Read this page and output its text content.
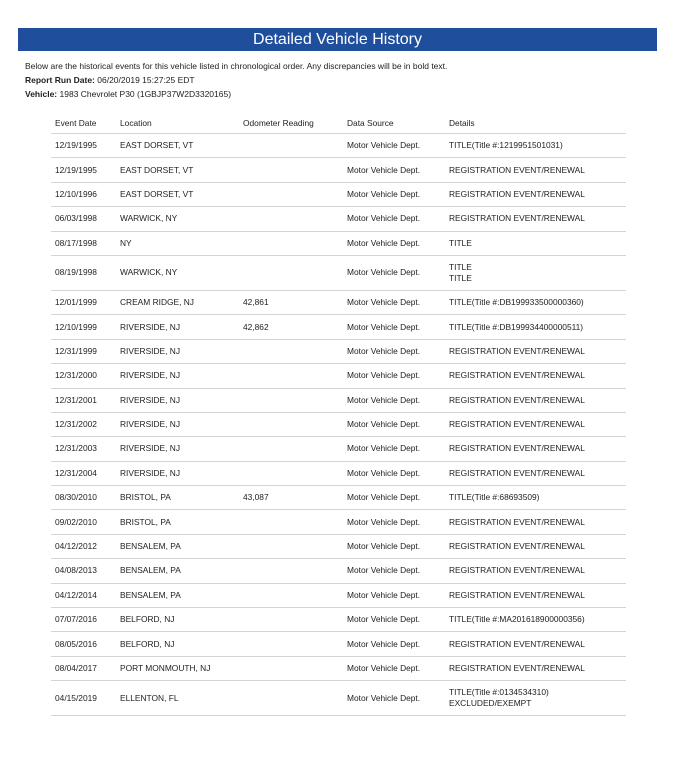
Detailed Vehicle History
Below are the historical events for this vehicle listed in chronological order. Any discrepancies will be in bold text.
Report Run Date: 06/20/2019 15:27:25 EDT
Vehicle: 1983 Chevrolet P30 (1GBJP37W2D3320165)
Event Date	Location	Odometer Reading	Data Source	Details
12/19/1995	EAST DORSET, VT		Motor Vehicle Dept.	TITLE(Title #:1219951501031)

12/19/1995	EAST DORSET, VT		Motor Vehicle Dept.	REGISTRATION EVENT/RENEWAL

12/10/1996	EAST DORSET, VT		Motor Vehicle Dept.	REGISTRATION EVENT/RENEWAL

06/03/1998	WARWICK, NY		Motor Vehicle Dept.	REGISTRATION EVENT/RENEWAL

08/17/1998	NY		Motor Vehicle Dept.	TITLE

08/19/1998	WARWICK, NY		Motor Vehicle Dept.	TITLE
TITLE

12/01/1999	CREAM RIDGE, NJ	42,861	Motor Vehicle Dept.	TITLE(Title #:DB199933500000360)

12/10/1999	RIVERSIDE, NJ	42,862	Motor Vehicle Dept.	TITLE(Title #:DB199934400000511)

12/31/1999	RIVERSIDE, NJ		Motor Vehicle Dept.	REGISTRATION EVENT/RENEWAL

12/31/2000	RIVERSIDE, NJ		Motor Vehicle Dept.	REGISTRATION EVENT/RENEWAL

12/31/2001	RIVERSIDE, NJ		Motor Vehicle Dept.	REGISTRATION EVENT/RENEWAL

12/31/2002	RIVERSIDE, NJ		Motor Vehicle Dept.	REGISTRATION EVENT/RENEWAL

12/31/2003	RIVERSIDE, NJ		Motor Vehicle Dept.	REGISTRATION EVENT/RENEWAL

12/31/2004	RIVERSIDE, NJ		Motor Vehicle Dept.	REGISTRATION EVENT/RENEWAL

08/30/2010	BRISTOL, PA	43,087	Motor Vehicle Dept.	TITLE(Title #:68693509)

09/02/2010	BRISTOL, PA		Motor Vehicle Dept.	REGISTRATION EVENT/RENEWAL

04/12/2012	BENSALEM, PA		Motor Vehicle Dept.	REGISTRATION EVENT/RENEWAL

04/08/2013	BENSALEM, PA		Motor Vehicle Dept.	REGISTRATION EVENT/RENEWAL

04/12/2014	BENSALEM, PA		Motor Vehicle Dept.	REGISTRATION EVENT/RENEWAL

07/07/2016	BELFORD, NJ		Motor Vehicle Dept.	TITLE(Title #:MA201618900000356)

08/05/2016	BELFORD, NJ		Motor Vehicle Dept.	REGISTRATION EVENT/RENEWAL

08/04/2017	PORT MONMOUTH, NJ		Motor Vehicle Dept.	REGISTRATION EVENT/RENEWAL

04/15/2019	ELLENTON, FL		Motor Vehicle Dept.	TITLE(Title #:0134534310)
EXCLUDED/EXEMPT
